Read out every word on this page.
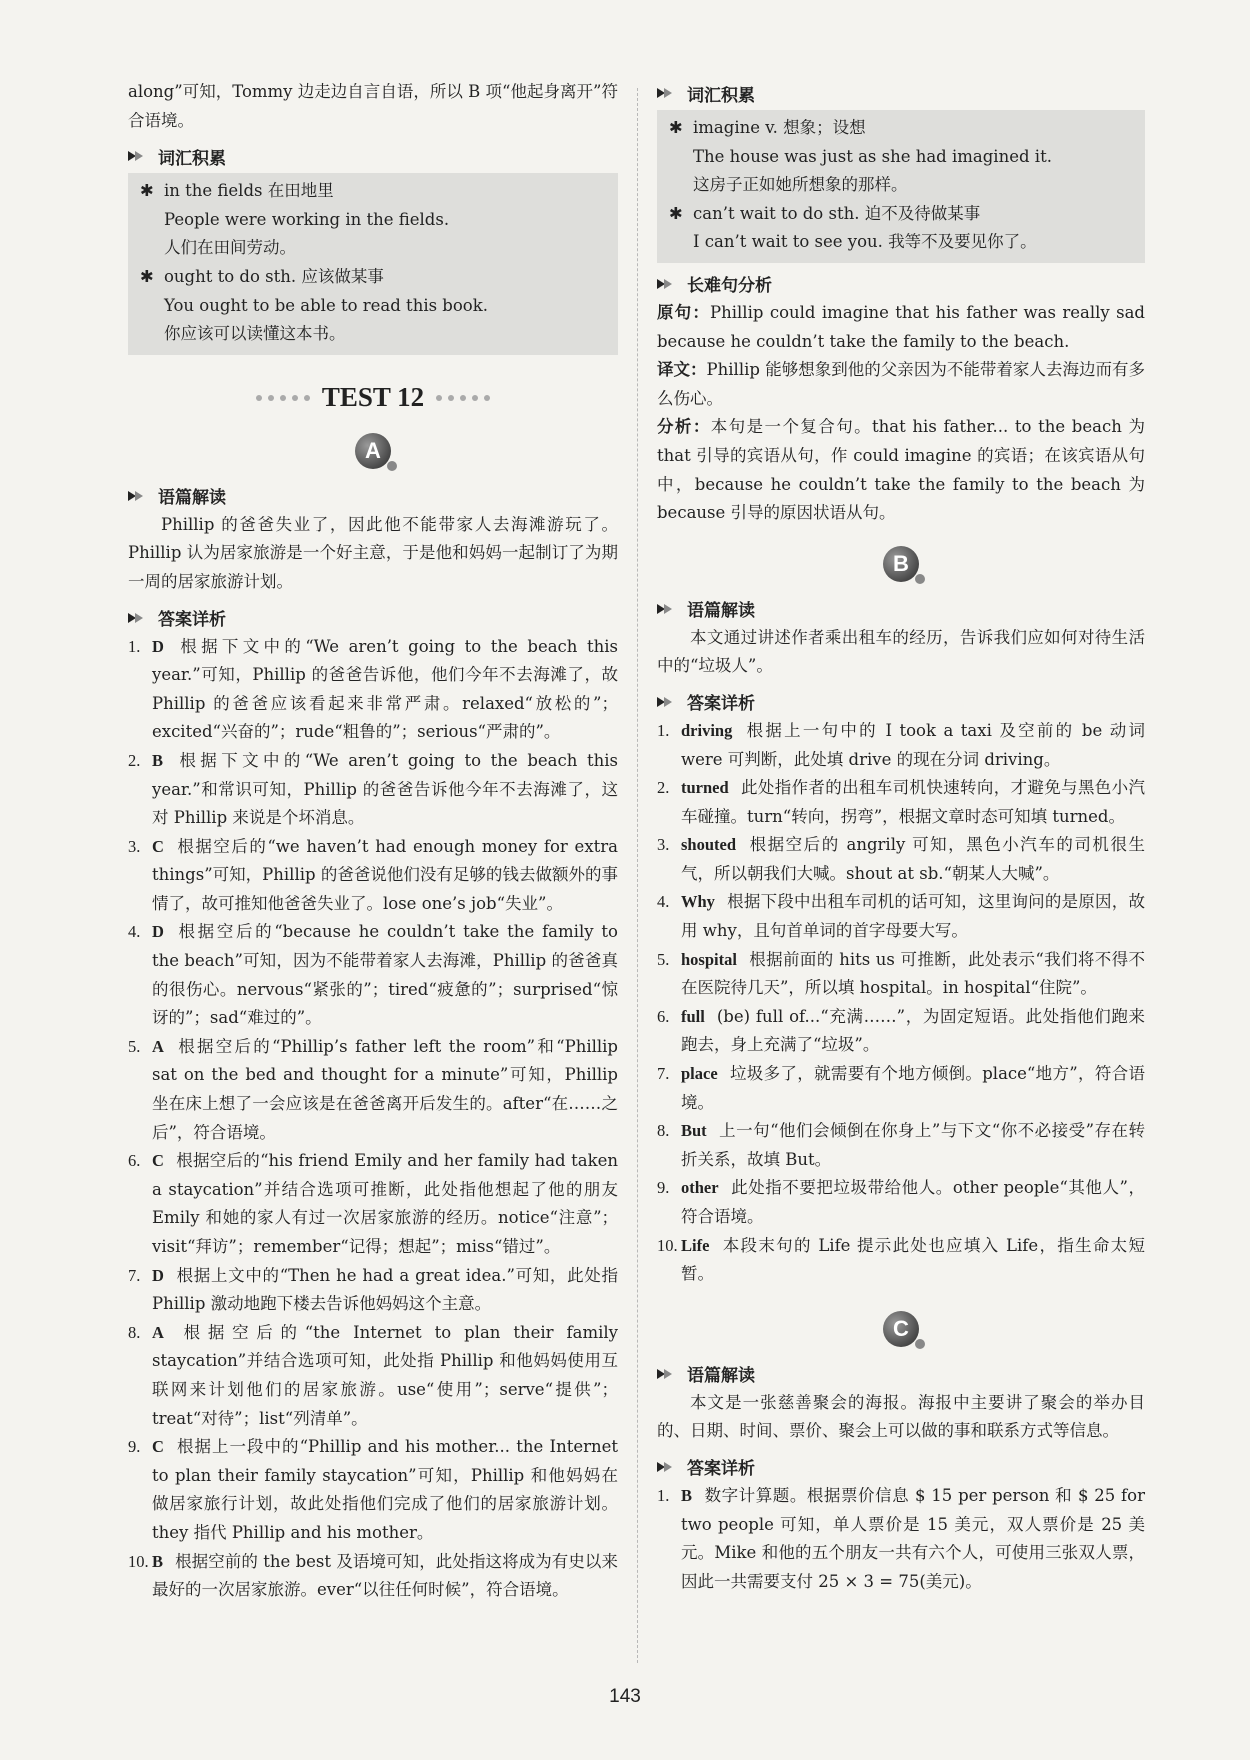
along”可知，Tommy 边走边自言自语，所以 B 项“他起身离开”符合语境。

词汇积累
✱ in the fields 在田地里
People were working in the fields.
人们在田间劳动。
✱ ought to do sth. 应该做某事
You ought to be able to read this book.
你应该可以读懂这本书。
TEST 12
A
语篇解读

Phillip 的爸爸失业了，因此他不能带家人去海滩游玩了。Phillip 认为居家旅游是一个好主意，于是他和妈妈一起制订了为期一周的居家旅游计划。

答案详析
1. D 根据下文中的“We aren’t going to the beach this year.”可知，Phillip 的爸爸告诉他，他们今年不去海滩了，故 Phillip 的爸爸应该看起来非常严肃。relaxed“放松的”；excited“兴奋的”；rude“粗鲁的”；serious“严肃的”。
2. B 根据下文中的“We aren’t going to the beach this year.”和常识可知，Phillip 的爸爸告诉他今年不去海滩了，这对 Phillip 来说是个坏消息。
3. C 根据空后的“we haven’t had enough money for extra things”可知，Phillip 的爸爸说他们没有足够的钱去做额外的事情了，故可推知他爸爸失业了。lose one’s job“失业”。
4. D 根据空后的“because he couldn’t take the family to the beach”可知，因为不能带着家人去海滩，Phillip 的爸爸真的很伤心。nervous“紧张的”；tired“疲惫的”；surprised“惊讶的”；sad“难过的”。
5. A 根据空后的“Phillip’s father left the room”和“Phillip sat on the bed and thought for a minute”可知，Phillip 坐在床上想了一会应该是在爸爸离开后发生的。after“在……之后”，符合语境。
6. C 根据空后的“his friend Emily and her family had taken a staycation”并结合选项可推断，此处指他想起了他的朋友 Emily 和她的家人有过一次居家旅游的经历。notice“注意”；visit“拜访”；remember“记得；想起”；miss“错过”。
7. D 根据上文中的“Then he had a great idea.”可知，此处指 Phillip 激动地跑下楼去告诉他妈妈这个主意。
8. A 根据空后的“the Internet to plan their family staycation”并结合选项可知，此处指 Phillip 和他妈妈使用互联网来计划他们的居家旅游。use“使用”；serve“提供”；treat“对待”；list“列清单”。
9. C 根据上一段中的“Phillip and his mother... the Internet to plan their family staycation”可知，Phillip 和他妈妈在做居家旅行计划，故此处指他们完成了他们的居家旅游计划。they 指代 Phillip and his mother。
10. B 根据空前的 the best 及语境可知，此处指这将成为有史以来最好的一次居家旅游。ever“以往任何时候”，符合语境。
词汇积累
✱ imagine v. 想象；设想
The house was just as she had imagined it.
这房子正如她所想象的那样。
✱ can’t wait to do sth. 迫不及待做某事
I can’t wait to see you. 我等不及要见你了。
长难句分析

原句：Phillip could imagine that his father was really sad because he couldn’t take the family to the beach.

译文：Phillip 能够想象到他的父亲因为不能带着家人去海边而有多么伤心。

分析：本句是一个复合句。that his father... to the beach 为 that 引导的宾语从句，作 could imagine 的宾语；在该宾语从句中，because he couldn’t take the family to the beach 为 because 引导的原因状语从句。

B
语篇解读

本文通过讲述作者乘出租车的经历，告诉我们应如何对待生活中的“垃圾人”。

答案详析
1. driving 根据上一句中的 I took a taxi 及空前的 be 动词 were 可判断，此处填 drive 的现在分词 driving。
2. turned 此处指作者的出租车司机快速转向，才避免与黑色小汽车碰撞。turn“转向，拐弯”，根据文章时态可知填 turned。
3. shouted 根据空后的 angrily 可知，黑色小汽车的司机很生气，所以朝我们大喊。shout at sb.“朝某人大喊”。
4. Why 根据下段中出租车司机的话可知，这里询问的是原因，故用 why，且句首单词的首字母要大写。
5. hospital 根据前面的 hits us 可推断，此处表示“我们将不得不在医院待几天”，所以填 hospital。in hospital“住院”。
6. full (be) full of...“充满……”，为固定短语。此处指他们跑来跑去，身上充满了“垃圾”。
7. place 垃圾多了，就需要有个地方倾倒。place“地方”，符合语境。
8. But 上一句“他们会倾倒在你身上”与下文“你不必接受”存在转折关系，故填 But。
9. other 此处指不要把垃圾带给他人。other people“其他人”，符合语境。
10. Life 本段末句的 Life 提示此处也应填入 Life，指生命太短暂。
C
语篇解读

本文是一张慈善聚会的海报。海报中主要讲了聚会的举办目的、日期、时间、票价、聚会上可以做的事和联系方式等信息。

答案详析
1. B 数字计算题。根据票价信息 $ 15 per person 和 $ 25 for two people 可知，单人票价是 15 美元，双人票价是 25 美元。Mike 和他的五个朋友一共有六个人，可使用三张双人票，因此一共需要支付 25 × 3 = 75(美元)。
143
